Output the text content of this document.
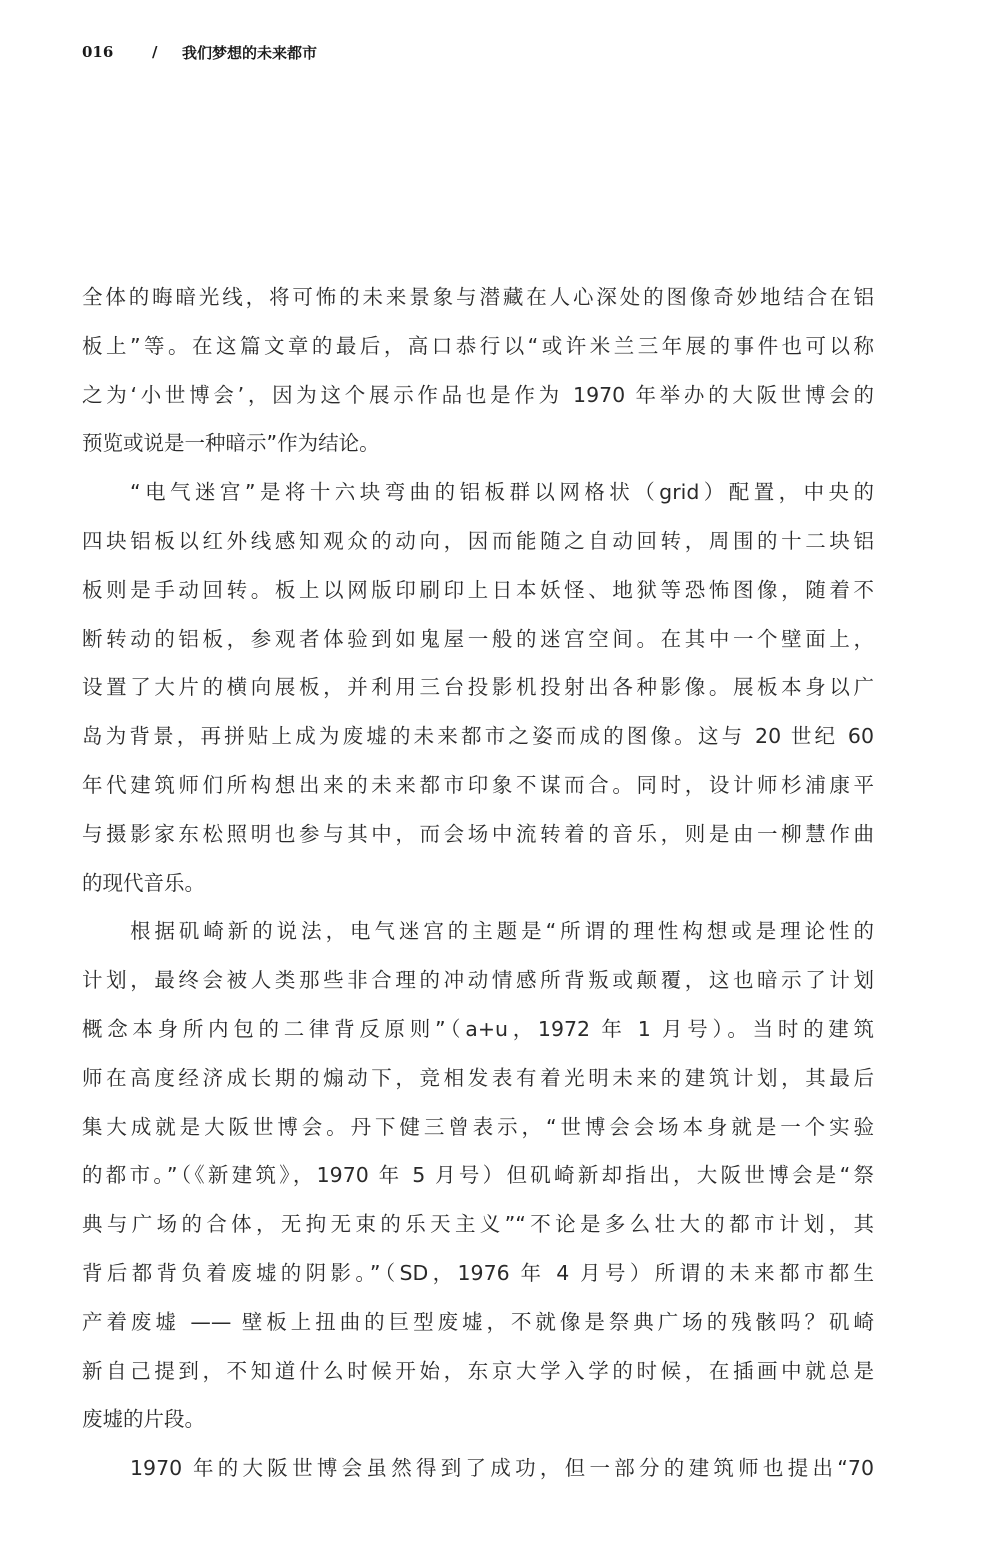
016	/	我们梦想的未来都市
全体的晦暗光线，将可怖的未来景象与潜藏在人心深处的图像奇妙地结合在铝
板上”等。在这篇文章的最后，高口恭行以“或许米兰三年展的事件也可以称
之为‘小世博会’，因为这个展示作品也是作为 1970 年举办的大阪世博会的
预览或说是一种暗示”作为结论。
“电气迷宫”是将十六块弯曲的铝板群以网格状（grid）配置，中央的
四块铝板以红外线感知观众的动向，因而能随之自动回转，周围的十二块铝
板则是手动回转。板上以网版印刷印上日本妖怪、地狱等恐怖图像，随着不
断转动的铝板，参观者体验到如鬼屋一般的迷宫空间。在其中一个壁面上，
设置了大片的横向展板，并利用三台投影机投射出各种影像。展板本身以广
岛为背景，再拼贴上成为废墟的未来都市之姿而成的图像。这与 20 世纪 60
年代建筑师们所构想出来的未来都市印象不谋而合。同时，设计师杉浦康平
与摄影家东松照明也参与其中，而会场中流转着的音乐，则是由一柳慧作曲
的现代音乐。
根据矶崎新的说法，电气迷宫的主题是“所谓的理性构想或是理论性的
计划，最终会被人类那些非合理的冲动情感所背叛或颠覆，这也暗示了计划
概念本身所内包的二律背反原则”（a+u，1972 年 1 月号）。当时的建筑
师在高度经济成长期的煽动下，竞相发表有着光明未来的建筑计划，其最后
集大成就是大阪世博会。丹下健三曾表示，“世博会会场本身就是一个实验
的都市。”（《新建筑》，1970 年 5 月号）但矶崎新却指出，大阪世博会是“祭
典与广场的合体，无拘无束的乐天主义”“不论是多么壮大的都市计划，其
背后都背负着废墟的阴影。”（SD，1976 年 4 月号）所谓的未来都市都生
产着废墟 —— 壁板上扭曲的巨型废墟，不就像是祭典广场的残骸吗？矶崎
新自己提到，不知道什么时候开始，东京大学入学的时候，在插画中就总是
废墟的片段。
1970 年的大阪世博会虽然得到了成功，但一部分的建筑师也提出“70
